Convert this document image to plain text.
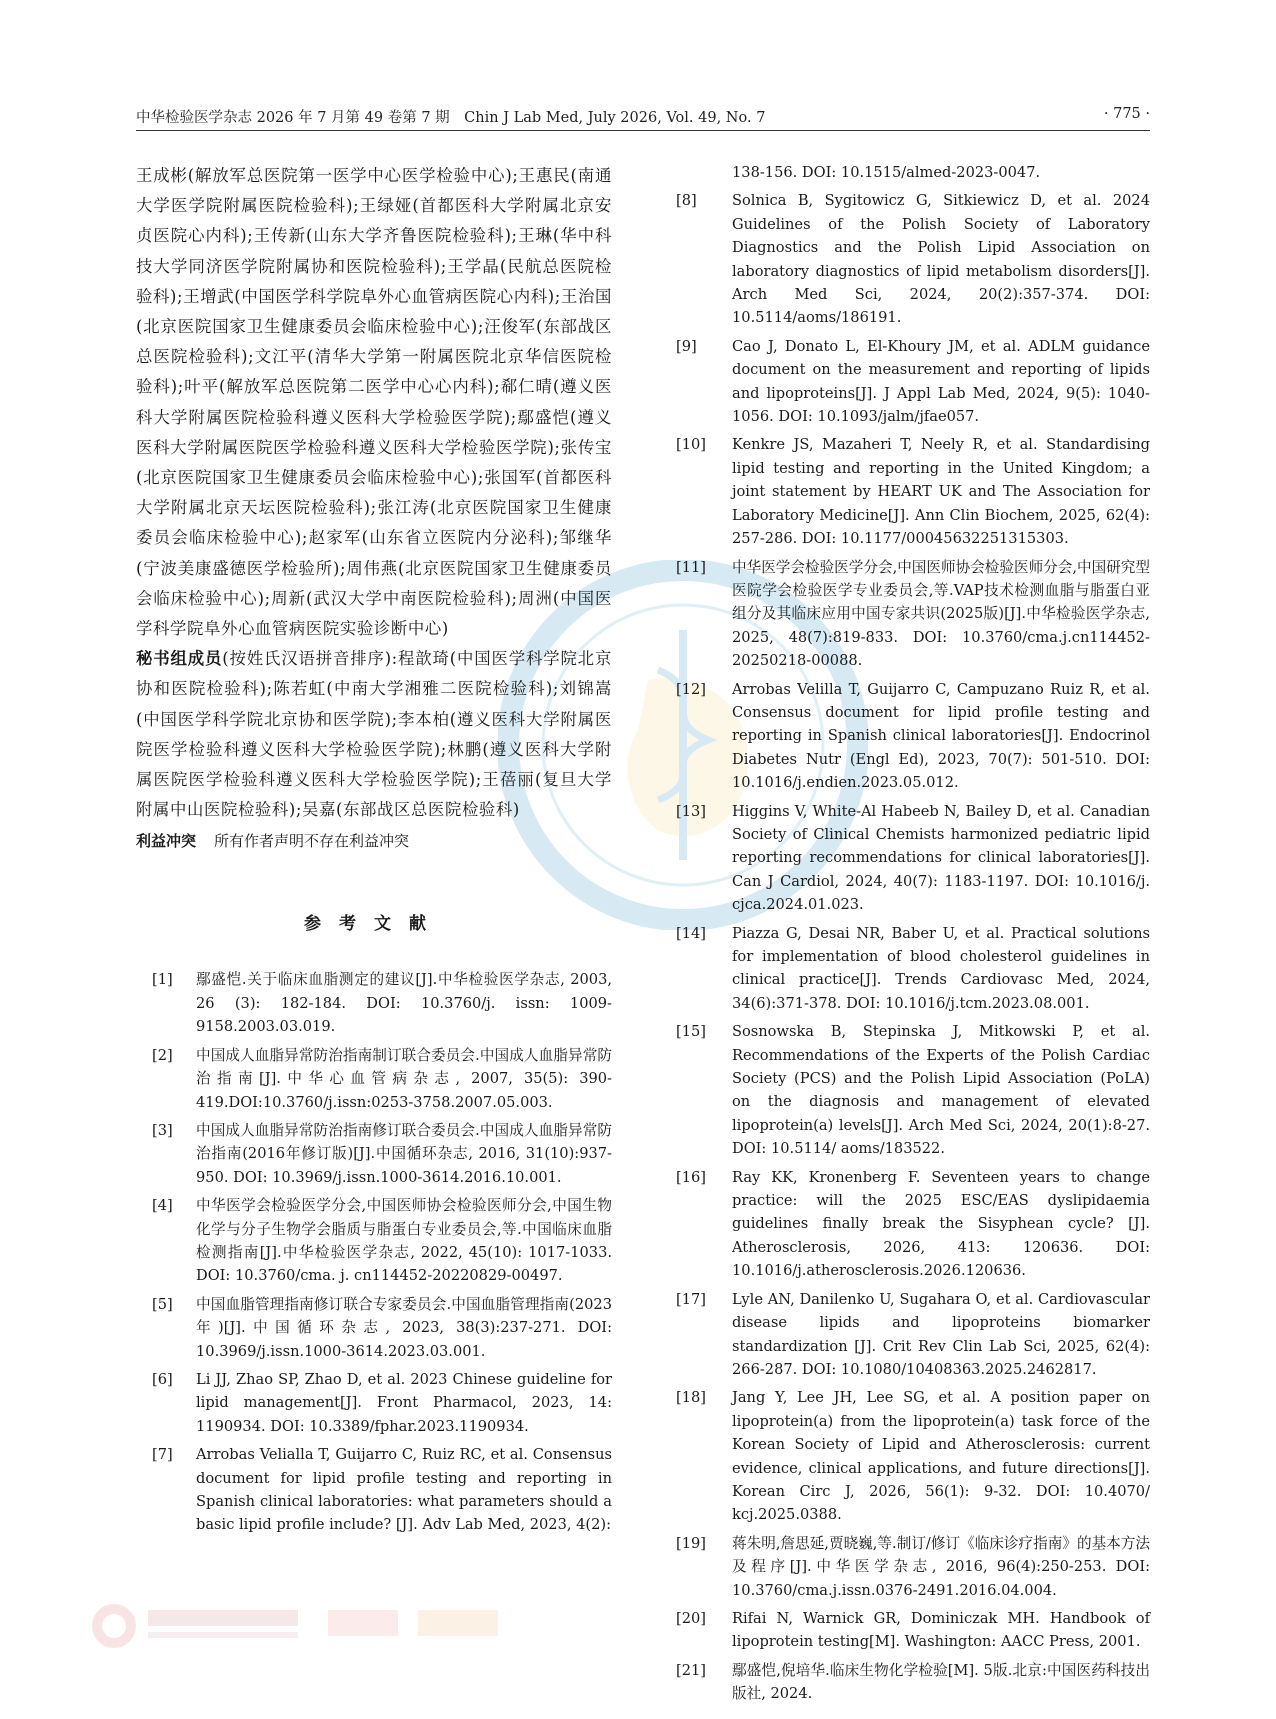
中华检验医学杂志 2026 年 7 月第 49 卷第 7 期　Chin J Lab Med, July 2026, Vol. 49, No. 7	· 775 ·

王成彬(解放军总医院第一医学中心医学检验中心);王惠民(南通大学医学院附属医院检验科);王绿娅(首都医科大学附属北京安贞医院心内科);王传新(山东大学齐鲁医院检验科);王琳(华中科技大学同济医学院附属协和医院检验科);王学晶(民航总医院检验科);王增武(中国医学科学院阜外心血管病医院心内科);王治国(北京医院国家卫生健康委员会临床检验中心);汪俊军(东部战区总医院检验科);文江平(清华大学第一附属医院北京华信医院检验科);叶平(解放军总医院第二医学中心心内科);郗仁晴(遵义医科大学附属医院检验科遵义医科大学检验医学院);鄢盛恺(遵义医科大学附属医院医学检验科遵义医科大学检验医学院);张传宝(北京医院国家卫生健康委员会临床检验中心);张国军(首都医科大学附属北京天坛医院检验科);张江涛(北京医院国家卫生健康委员会临床检验中心);赵家军(山东省立医院内分泌科);邹继华(宁波美康盛德医学检验所);周伟燕(北京医院国家卫生健康委员会临床检验中心);周新(武汉大学中南医院检验科);周洲(中国医学科学院阜外心血管病医院实验诊断中心)

秘书组成员(按姓氏汉语拼音排序):程歆琦(中国医学科学院北京协和医院检验科);陈若虹(中南大学湘雅二医院检验科);刘锦嵩(中国医学科学院北京协和医学院);李本柏(遵义医科大学附属医院医学检验科遵义医科大学检验医学院);林鹏(遵义医科大学附属医院医学检验科遵义医科大学检验医学院);王蓓丽(复旦大学附属中山医院检验科);吴嘉(东部战区总医院检验科)

利益冲突 所有作者声明不存在利益冲突
参考文献
[1] 鄢盛恺.关于临床血脂测定的建议[J].中华检验医学杂志, 2003, 26 (3): 182-184. DOI: 10.3760/j. issn: 1009-9158.2003.03.019.
[2] 中国成人血脂异常防治指南制订联合委员会.中国成人血脂异常防治指南[J].中华心血管病杂志, 2007, 35(5): 390-419.DOI:10.3760/j.issn:0253-3758.2007.05.003.
[3] 中国成人血脂异常防治指南修订联合委员会.中国成人血脂异常防治指南(2016年修订版)[J].中国循环杂志, 2016, 31(10):937-950. DOI: 10.3969/j.issn.1000-3614.2016.10.001.
[4] 中华医学会检验医学分会,中国医师协会检验医师分会,中国生物化学与分子生物学会脂质与脂蛋白专业委员会,等.中国临床血脂检测指南[J].中华检验医学杂志, 2022, 45(10): 1017-1033. DOI: 10.3760/cma. j. cn114452-20220829-00497.
[5] 中国血脂管理指南修订联合专家委员会.中国血脂管理指南(2023年)[J].中国循环杂志, 2023, 38(3):237-271. DOI: 10.3969/j.issn.1000-3614.2023.03.001.
[6] Li JJ, Zhao SP, Zhao D, et al. 2023 Chinese guideline for lipid management[J]. Front Pharmacol, 2023, 14: 1190934. DOI: 10.3389/fphar.2023.1190934.
[7] Arrobas Velialla T, Guijarro C, Ruiz RC, et al. Consensus document for lipid profile testing and reporting in Spanish clinical laboratories: what parameters should a basic lipid profile include? [J]. Adv Lab Med, 2023, 4(2):
138-156. DOI: 10.1515/almed-2023-0047.
[8] Solnica B, Sygitowicz G, Sitkiewicz D, et al. 2024 Guidelines of the Polish Society of Laboratory Diagnostics and the Polish Lipid Association on laboratory diagnostics of lipid metabolism disorders[J]. Arch Med Sci, 2024, 20(2):357-374. DOI: 10.5114/aoms/186191.
[9] Cao J, Donato L, El-Khoury JM, et al. ADLM guidance document on the measurement and reporting of lipids and lipoproteins[J]. J Appl Lab Med, 2024, 9(5): 1040-1056. DOI: 10.1093/jalm/jfae057.
[10] Kenkre JS, Mazaheri T, Neely R, et al. Standardising lipid testing and reporting in the United Kingdom; a joint statement by HEART UK and The Association for Laboratory Medicine[J]. Ann Clin Biochem, 2025, 62(4): 257-286. DOI: 10.1177/00045632251315303.
[11] 中华医学会检验医学分会,中国医师协会检验医师分会,中国研究型医院学会检验医学专业委员会,等.VAP技术检测血脂与脂蛋白亚组分及其临床应用中国专家共识(2025版)[J].中华检验医学杂志, 2025, 48(7):819-833. DOI: 10.3760/cma.j.cn114452-20250218-00088.
[12] Arrobas Velilla T, Guijarro C, Campuzano Ruiz R, et al. Consensus document for lipid profile testing and reporting in Spanish clinical laboratories[J]. Endocrinol Diabetes Nutr (Engl Ed), 2023, 70(7): 501-510. DOI: 10.1016/j.endien.2023.05.012.
[13] Higgins V, White-Al Habeeb N, Bailey D, et al. Canadian Society of Clinical Chemists harmonized pediatric lipid reporting recommendations for clinical laboratories[J]. Can J Cardiol, 2024, 40(7): 1183-1197. DOI: 10.1016/j. cjca.2024.01.023.
[14] Piazza G, Desai NR, Baber U, et al. Practical solutions for implementation of blood cholesterol guidelines in clinical practice[J]. Trends Cardiovasc Med, 2024, 34(6):371-378. DOI: 10.1016/j.tcm.2023.08.001.
[15] Sosnowska B, Stepinska J, Mitkowski P, et al. Recommendations of the Experts of the Polish Cardiac Society (PCS) and the Polish Lipid Association (PoLA) on the diagnosis and management of elevated lipoprotein(a) levels[J]. Arch Med Sci, 2024, 20(1):8-27. DOI: 10.5114/ aoms/183522.
[16] Ray KK, Kronenberg F. Seventeen years to change practice: will the 2025 ESC/EAS dyslipidaemia guidelines finally break the Sisyphean cycle? [J]. Atherosclerosis, 2026, 413: 120636. DOI: 10.1016/j.atherosclerosis.2026.120636.
[17] Lyle AN, Danilenko U, Sugahara O, et al. Cardiovascular disease lipids and lipoproteins biomarker standardization [J]. Crit Rev Clin Lab Sci, 2025, 62(4): 266-287. DOI: 10.1080/10408363.2025.2462817.
[18] Jang Y, Lee JH, Lee SG, et al. A position paper on lipoprotein(a) from the lipoprotein(a) task force of the Korean Society of Lipid and Atherosclerosis: current evidence, clinical applications, and future directions[J]. Korean Circ J, 2026, 56(1): 9-32. DOI: 10.4070/ kcj.2025.0388.
[19] 蒋朱明,詹思延,贾晓巍,等.制订/修订《临床诊疗指南》的基本方法及程序[J].中华医学杂志, 2016, 96(4):250-253. DOI: 10.3760/cma.j.issn.0376-2491.2016.04.004.
[20] Rifai N, Warnick GR, Dominiczak MH. Handbook of lipoprotein testing[M]. Washington: AACC Press, 2001.
[21] 鄢盛恺,倪培华.临床生物化学检验[M]. 5版.北京:中国医药科技出版社, 2024.
